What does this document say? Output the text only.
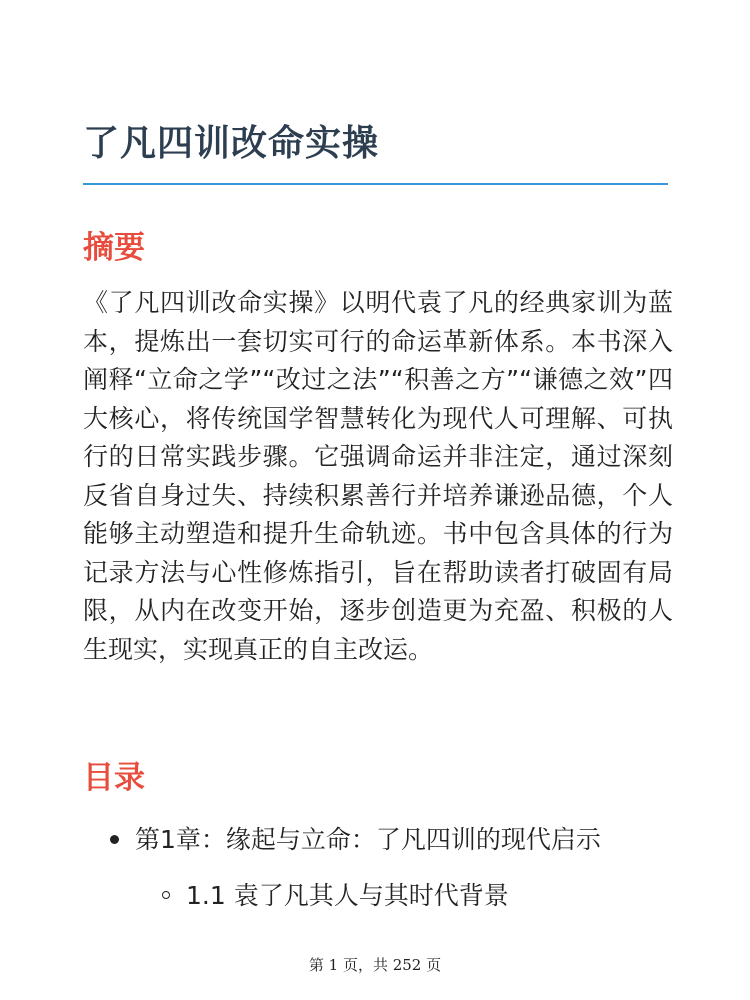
了凡四训改命实操
摘要

《了凡四训改命实操》以明代袁了凡的经典家训为蓝本，提炼出一套切实可行的命运革新体系。本书深入阐释“立命之学”“改过之法”“积善之方”“谦德之效”四大核心，将传统国学智慧转化为现代人可理解、可执行的日常实践步骤。它强调命运并非注定，通过深刻反省自身过失、持续积累善行并培养谦逊品德，个人能够主动塑造和提升生命轨迹。书中包含具体的行为记录方法与心性修炼指引，旨在帮助读者打破固有局限，从内在改变开始，逐步创造更为充盈、积极的人生现实，实现真正的自主改运。

目录
第1章：缘起与立命：了凡四训的现代启示
1.1 袁了凡其人与其时代背景
第 1 页，共 252 页
